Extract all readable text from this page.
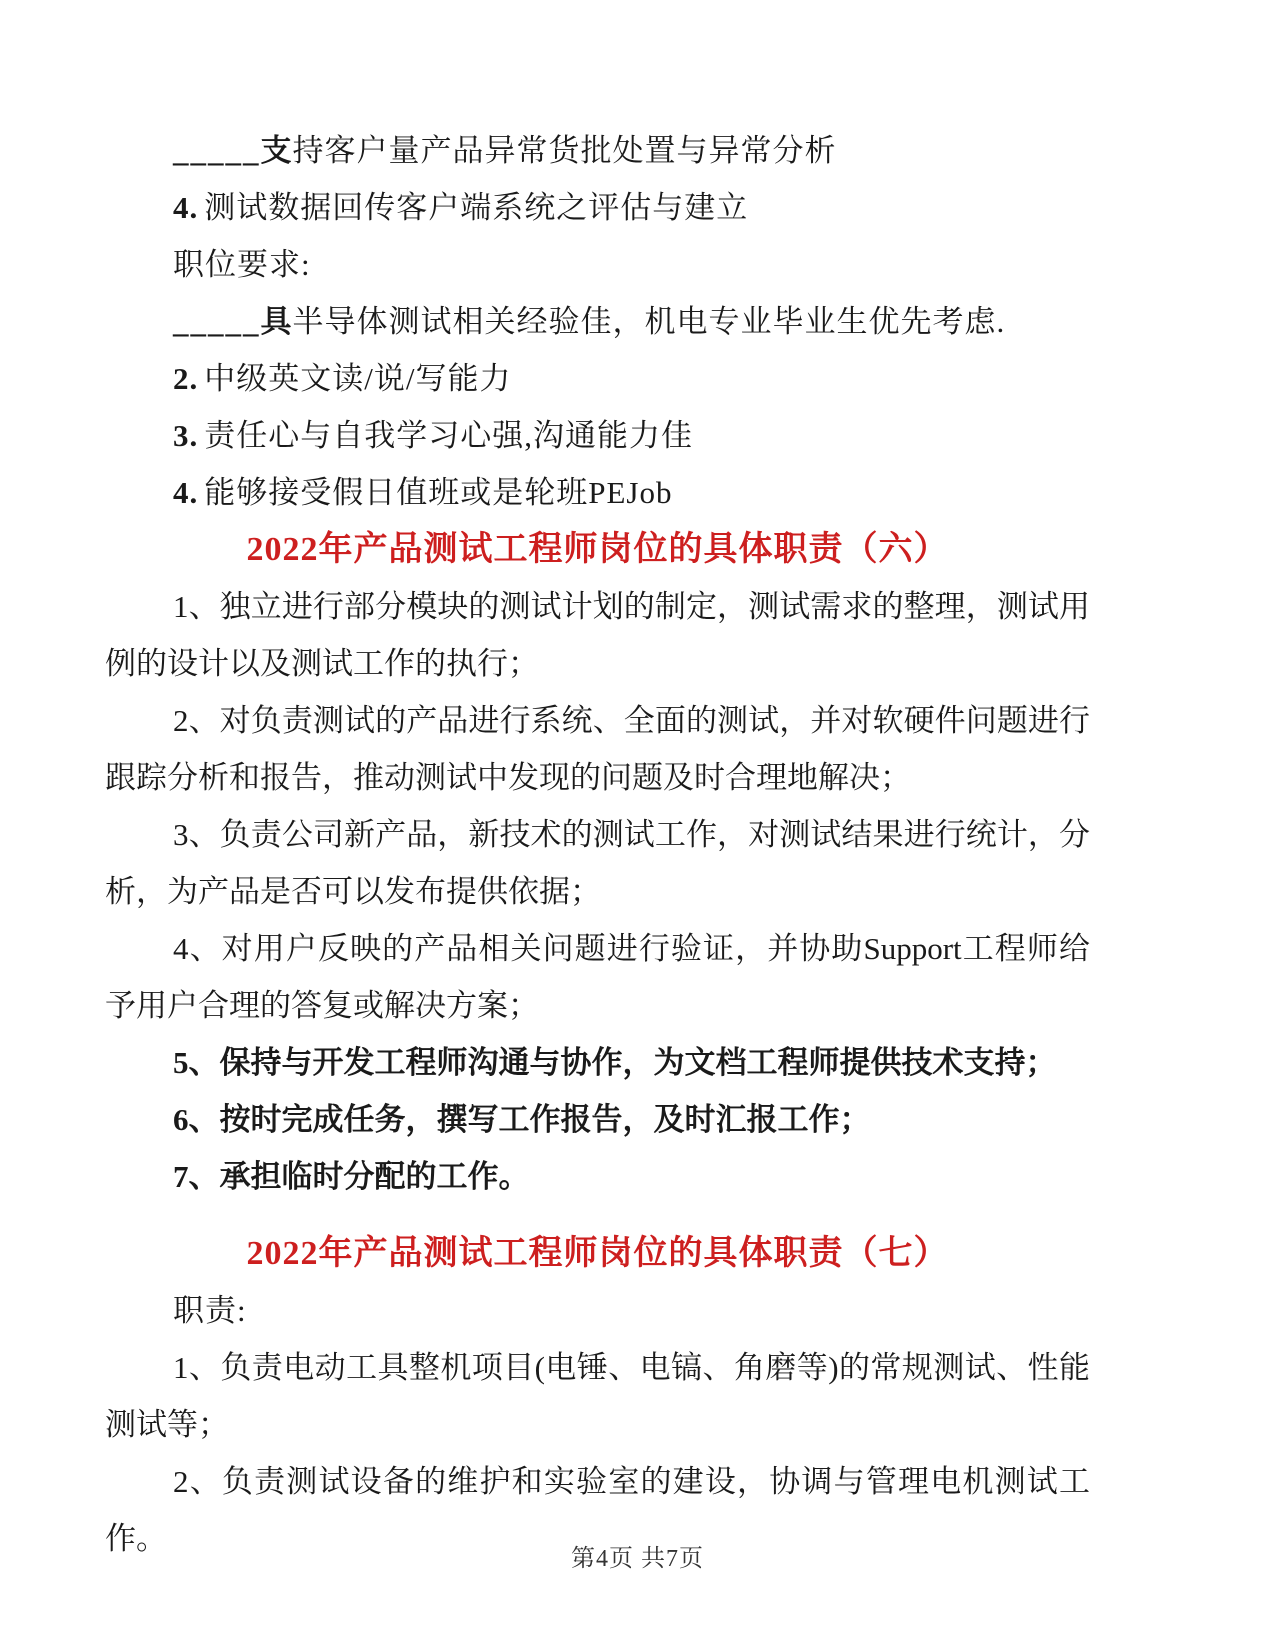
_____支持客户量产品异常货批处置与异常分析

4. 测试数据回传客户端系统之评估与建立

职位要求:

_____具半导体测试相关经验佳，机电专业毕业生优先考虑.

2. 中级英文读/说/写能力

3. 责任心与自我学习心强,沟通能力佳

4. 能够接受假日值班或是轮班PEJob

2022年产品测试工程师岗位的具体职责（六）

1、独立进行部分模块的测试计划的制定，测试需求的整理，测试用例的设计以及测试工作的执行；

2、对负责测试的产品进行系统、全面的测试，并对软硬件问题进行跟踪分析和报告，推动测试中发现的问题及时合理地解决；

3、负责公司新产品，新技术的测试工作，对测试结果进行统计，分析，为产品是否可以发布提供依据；

4、对用户反映的产品相关问题进行验证，并协助Support工程师给予用户合理的答复或解决方案；

5、保持与开发工程师沟通与协作，为文档工程师提供技术支持；

6、按时完成任务，撰写工作报告，及时汇报工作；

7、承担临时分配的工作。

2022年产品测试工程师岗位的具体职责（七）

职责:

1、负责电动工具整机项目(电锤、电镐、角磨等)的常规测试、性能测试等；

2、负责测试设备的维护和实验室的建设，协调与管理电机测试工作。

第4页 共7页
